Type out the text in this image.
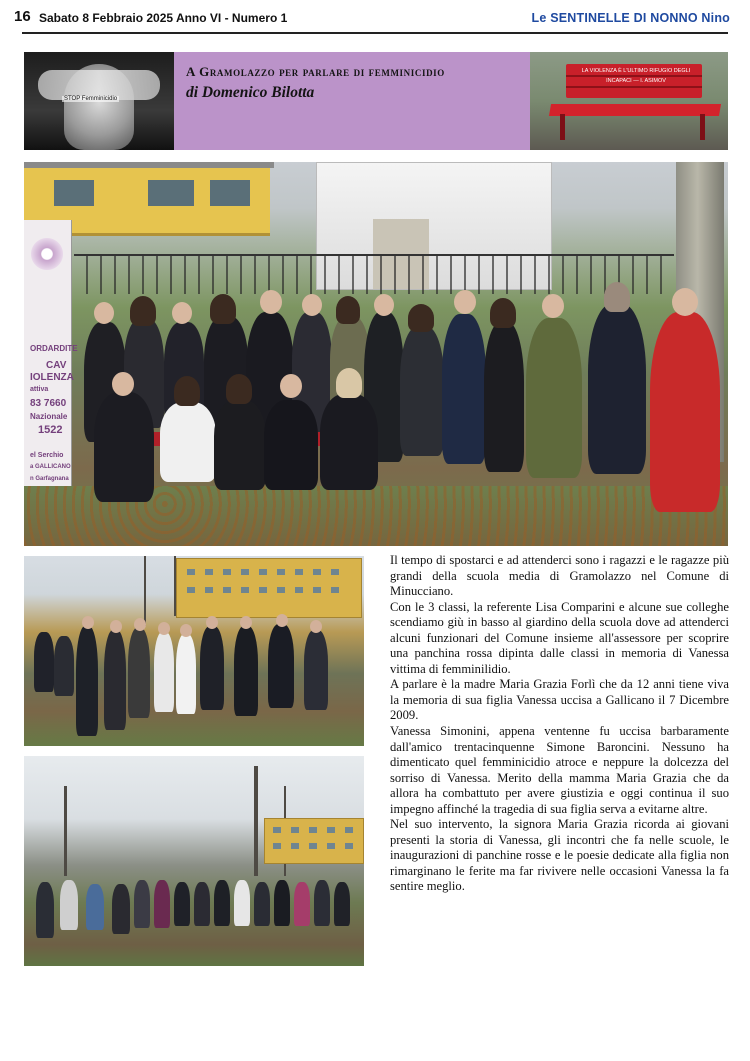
16 Sabato 8 Febbraio 2025 Anno VI - Numero 1	Le SENTINELLE DI NONNO Nino
STOP Femminicidio
A Gramolazzo per parlare di femminicidio
di Domenico Bilotta
LA VIOLENZA È L'ULTIMO RIFUGIO DEGLI INCAPACI — I. ASIMOV
ORDARDITE
CAV
IOLENZA
attiva
83 7660
Nazionale
1522
el Serchio
a GALLICANO
n Garfagnana

Il tempo di spostarci e ad attenderci sono i ragazzi e le ragazze più grandi della scuola media di Gramolazzo nel Comune di Minucciano.

Con le 3 classi, la referente Lisa Comparini e alcune sue colleghe scendiamo giù in basso al giardino della scuola dove ad attenderci alcuni funzionari del Comune insieme all'assessore per scoprire una panchina rossa dipinta dalle classi in memoria di Vanessa vittima di femminilidio.

A parlare è la madre Maria Grazia Forlì che da 12 anni tiene viva la memoria di sua figlia Vanessa uccisa a Gallicano il 7 Dicembre 2009.

Vanessa Simonini, appena ventenne fu uccisa barbaramente dall'amico trentacinquenne Simone Baroncini. Nessuno ha dimenticato quel femminicidio atroce e neppure la dolcezza del sorriso di Vanessa. Merito della mamma Maria Grazia che da allora ha combattuto per avere giustizia e oggi continua il suo impegno affinché la tragedia di sua figlia serva a evitarne altre.

Nel suo intervento, la signora Maria Grazia ricorda ai giovani presenti la storia di Vanessa, gli incontri che fa nelle scuole, le inaugurazioni di panchine rosse e le poesie dedicate alla figlia non rimarginano le ferite ma far rivivere nelle occasioni Vanessa la fa sentire meglio.
